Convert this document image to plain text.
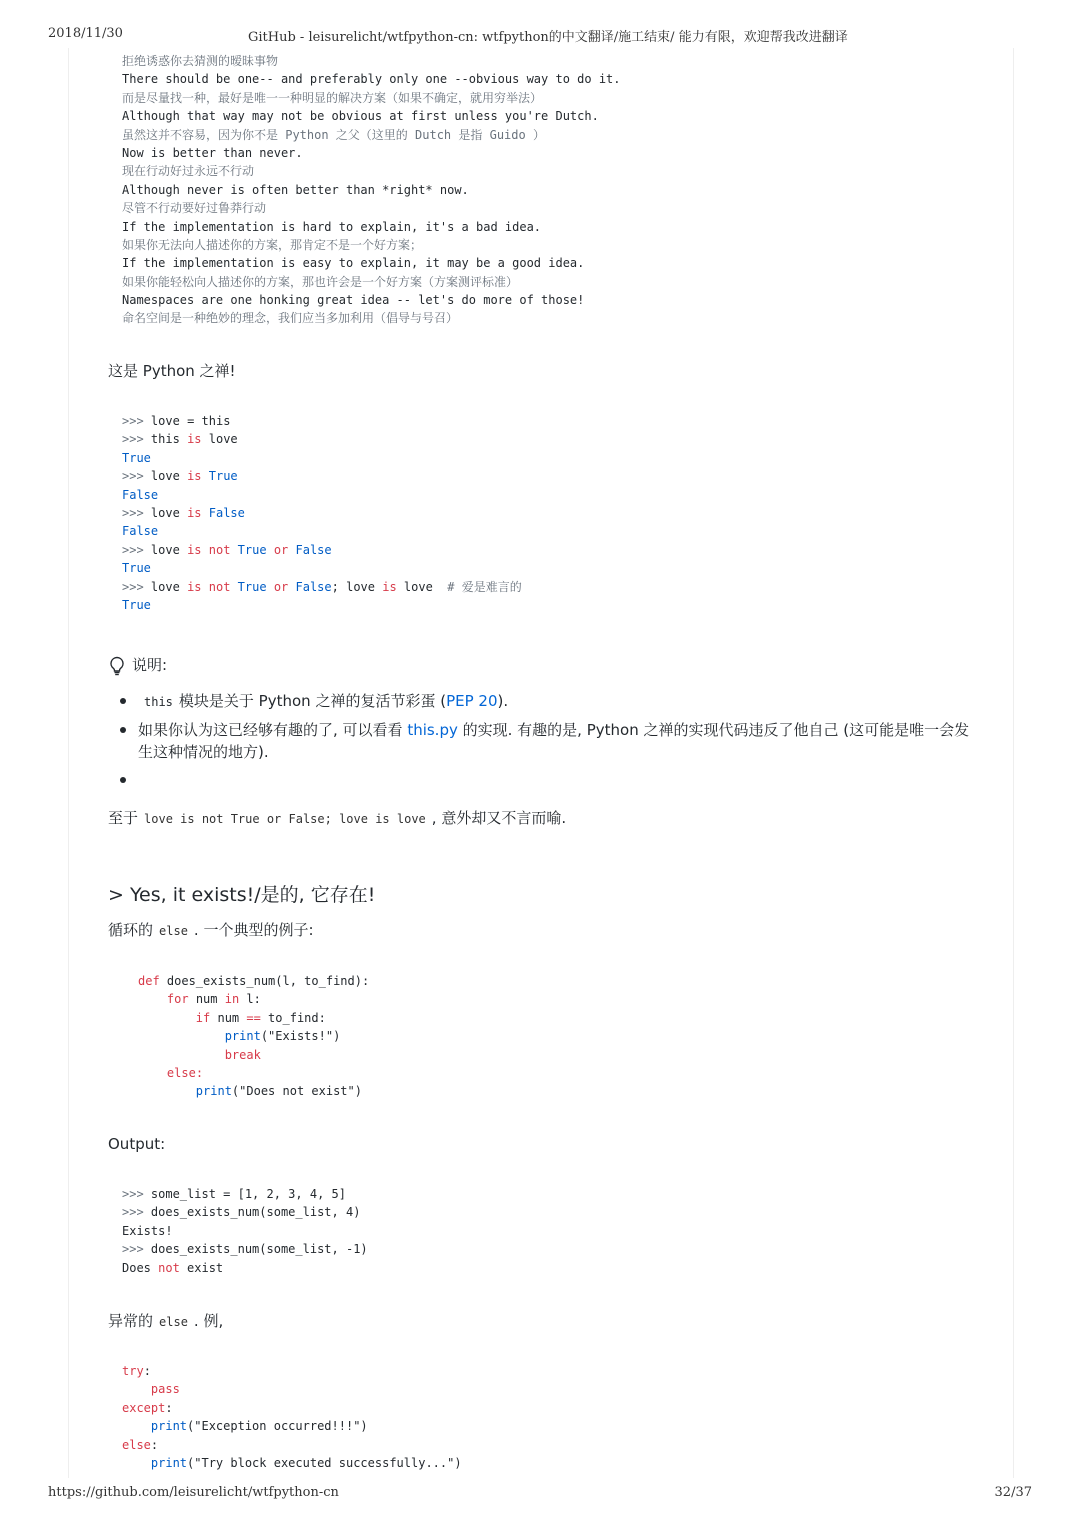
2018/11/30	GitHub - leisurelicht/wtfpython-cn: wtfpython的中文翻译/施工结束/ 能力有限，欢迎帮我改进翻译
拒绝诱惑你去猜测的暧昧事物
There should be one-- and preferably only one --obvious way to do it.
而是尽量找一种，最好是唯一一种明显的解决方案（如果不确定，就用穷举法）
Although that way may not be obvious at first unless you're Dutch.
虽然这并不容易，因为你不是 Python 之父（这里的 Dutch 是指 Guido ）
Now is better than never.
现在行动好过永远不行动
Although never is often better than *right* now.
尽管不行动要好过鲁莽行动
If the implementation is hard to explain, it's a bad idea.
如果你无法向人描述你的方案，那肯定不是一个好方案；
If the implementation is easy to explain, it may be a good idea.
如果你能轻松向人描述你的方案，那也许会是一个好方案（方案测评标准）
Namespaces are one honking great idea -- let's do more of those!
命名空间是一种绝妙的理念，我们应当多加利用（倡导与号召）
这是 Python 之禅!
>>> love = this
>>> this is love
True
>>> love is True
False
>>> love is False
False
>>> love is not True or False
True
>>> love is not True or False; love is love # 爱是难言的
True
说明:
this 模块是关于 Python 之禅的复活节彩蛋 (PEP 20).
如果你认为这已经够有趣的了, 可以看看 this.py 的实现. 有趣的是, Python 之禅的实现代码违反了他自己 (这可能是唯一会发生这种情况的地方).
至于 love is not True or False; love is love , 意外却又不言而喻.
> Yes, it exists!/是的, 它存在!
循环的 else . 一个典型的例子:
def does_exists_num(l, to_find):
for num in l:
if num == to_find:
print("Exists!")
break
else:
print("Does not exist")
Output:
>>> some_list = [1, 2, 3, 4, 5]
>>> does_exists_num(some_list, 4)
Exists!
>>> does_exists_num(some_list, -1)
Does not exist
异常的 else . 例,
try:
pass
except:
print("Exception occurred!!!")
else:
print("Try block executed successfully...")
https://github.com/leisurelicht/wtfpython-cn	32/37
